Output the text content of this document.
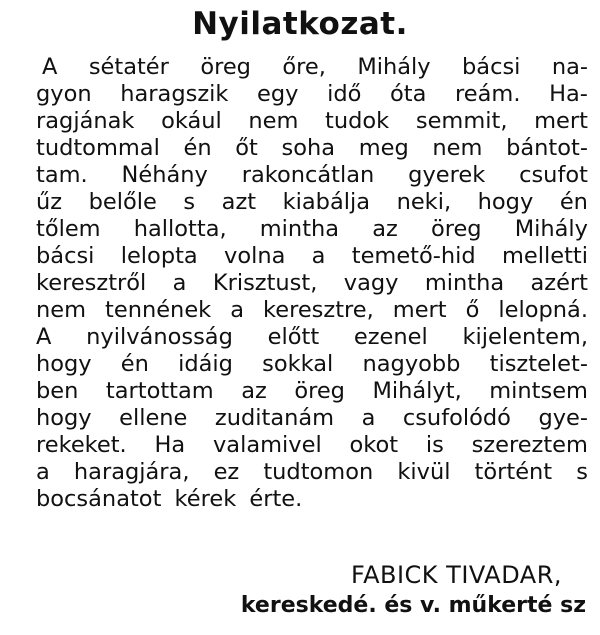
Nyilatkozat.
A sétatér öreg őre, Mihály bácsi na-
gyon haragszik egy idő óta reám. Ha-
ragjának okául nem tudok semmit, mert
tudtommal én őt soha meg nem bántot-
tam. Néhány rakoncátlan gyerek csufot
űz belőle s azt kiabálja neki, hogy én
tőlem hallotta, mintha az öreg Mihály
bácsi lelopta volna a temető-hid melletti
keresztről a Krisztust, vagy mintha azért
nem tennének a keresztre, mert ő lelopná.
A nyilvánosság előtt ezenel kijelentem,
hogy én idáig sokkal nagyobb tisztelet-
ben tartottam az öreg Mihályt, mintsem
hogy ellene zuditanám a csufolódó gye-
rekeket. Ha valamivel okot is szereztem
a haragjára, ez tudtomon kivül történt s
bocsánatot kérek érte.
FABICK TIVADAR,
kereskedé. és v. műkerté sz
